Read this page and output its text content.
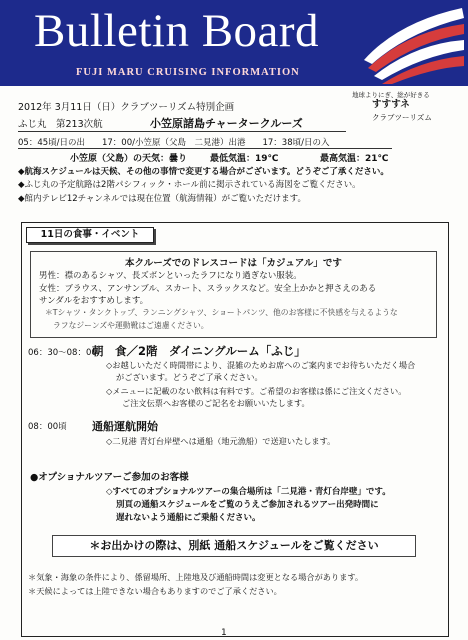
Bulletin Board
FUJI MARU CRUISING INFORMATION
2012年 3月11日（日）クラブツーリズム特別企画
地球よりにぎ、総が好きる
すすすネ
クラブツーリズム
ふじ丸　第213次航	小笠原諸島チャータークルーズ
05：45頃/日の出　　17：00/小笠原（父島　二見港）出港　　17：38頃/日の入
小笠原（父島）の天気：曇り	最低気温：19℃	最高気温：21℃
◆航海スケジュールは天候、その他の事情で変更する場合がございます。どうぞご了承ください。
◆ふじ丸の予定航路は2階パシフィック・ホール前に掲示されている海図をご覧ください。
◆館内テレビ12チャンネルでは現在位置（航海情報）がご覧いただけます。
11日の食事・イベント
本クルーズでのドレスコードは「カジュアル」です
男性：襟のあるシャツ、長ズボンといったラフになり過ぎない服装。
女性：ブラウス、アンサンブル、スカート、スラックスなど。安全上かかと押さえのある
サンダルをおすすめします。
＊Tシャツ・タンクトップ、ランニングシャツ、ショートパンツ、他のお客様に不快感を与えるような
ラフなジーンズや運動靴はご遠慮ください。
06：30～08：00
朝　食／2階　ダイニングルーム「ふじ」
◇お越しいただく時間帯により、混雑のためお席へのご案内までお待ちいただく場合
がございます。どうぞご了承ください。
◇メニューに記載のない飲料は有料です。ご希望のお客様は係にご注文ください。
ご注文伝票へお客様のご記名をお願いいたします。
08：00頃 通船運航開始
◇二見港 青灯台岸壁へは通船（地元漁船）で送迎いたします。
●オプショナルツアーご参加のお客様
◇すべてのオプショナルツアーの集合場所は「二見港・青灯台岸壁」です。
別頁の通船スケジュールをご覧のうえご参加されるツアー出発時間に
遅れないよう通船にご乗船ください。
＊お出かけの際は、別紙 通船スケジュールをご覧ください
＊気象・海象の条件により、係留場所、上陸地及び通船時間は変更となる場合があります。
＊天候によっては上陸できない場合もありますのでご了承ください。
1
